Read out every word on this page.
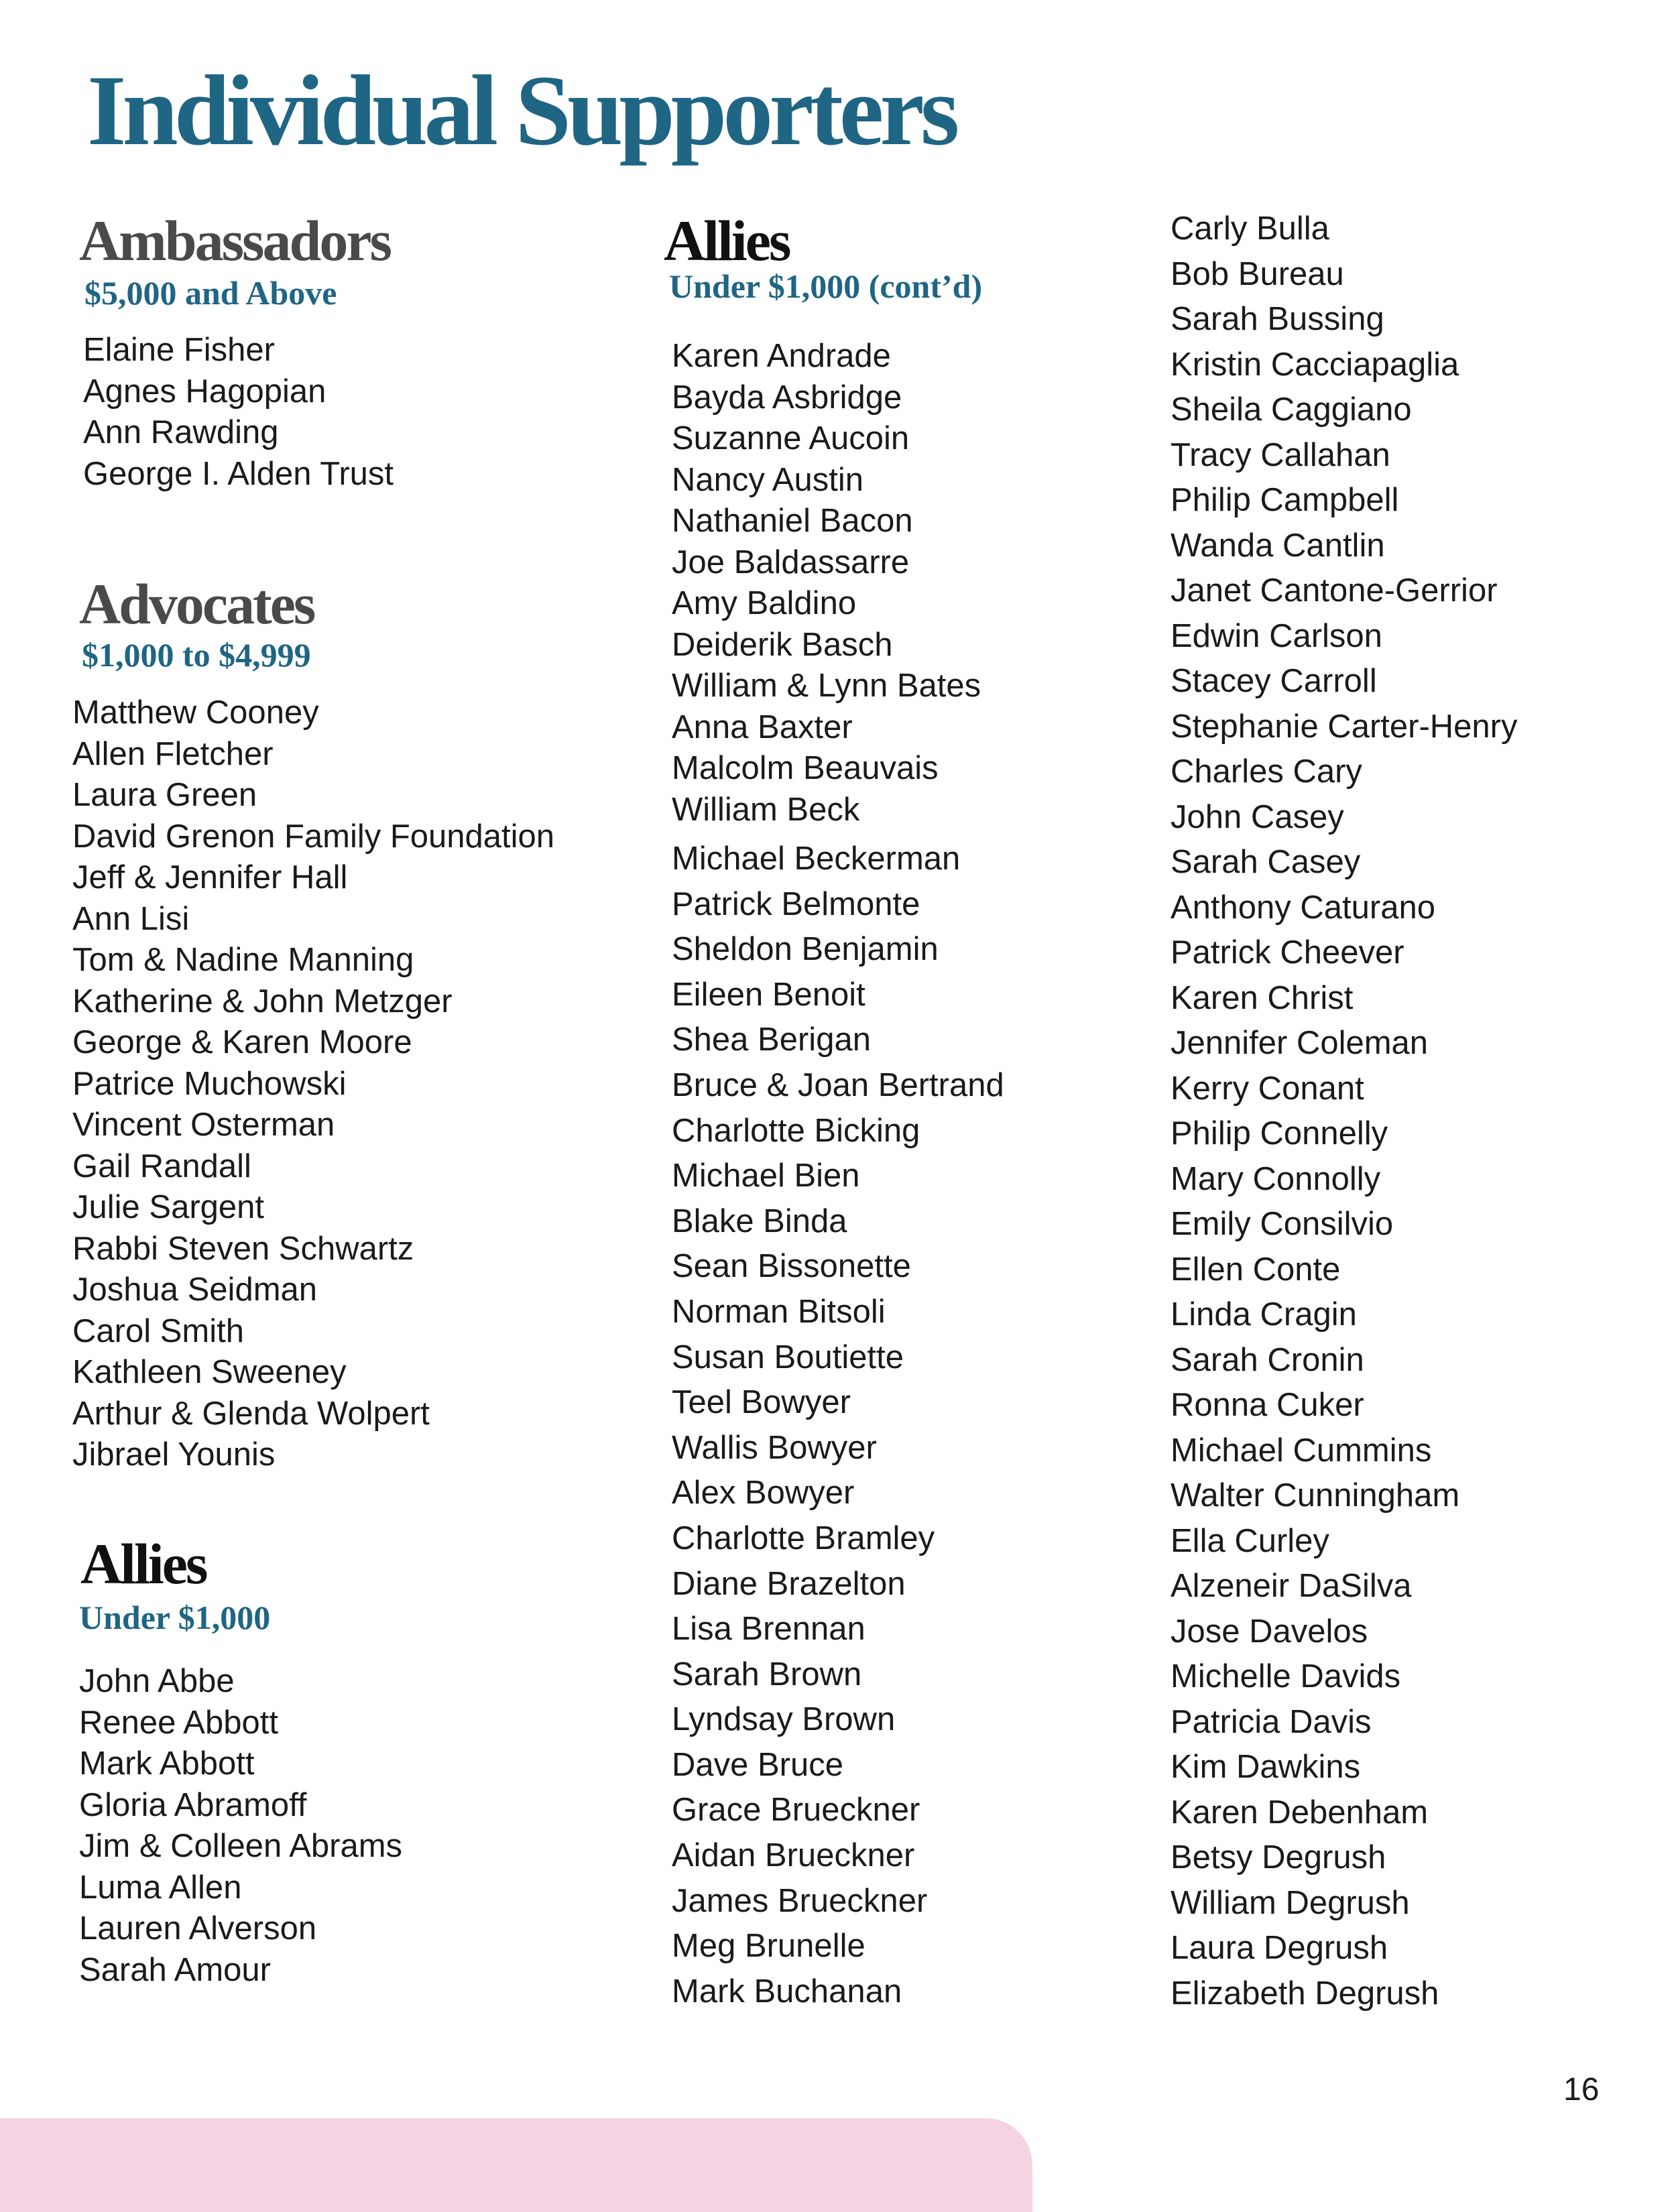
Individual Supporters
Ambassadors
$5,000 and Above
Elaine Fisher
Agnes Hagopian
Ann Rawding
George I. Alden Trust
Advocates
$1,000 to $4,999
Matthew Cooney
Allen Fletcher
Laura Green
David Grenon Family Foundation
Jeff & Jennifer Hall
Ann Lisi
Tom & Nadine Manning
Katherine & John Metzger
George & Karen Moore
Patrice Muchowski
Vincent Osterman
Gail Randall
Julie Sargent
Rabbi Steven Schwartz
Joshua Seidman
Carol Smith
Kathleen Sweeney
Arthur & Glenda Wolpert
Jibrael Younis
Allies
Under $1,000
John Abbe
Renee Abbott
Mark Abbott
Gloria Abramoff
Jim & Colleen Abrams
Luma Allen
Lauren Alverson
Sarah Amour
Allies
Under $1,000 (cont’d)
Karen Andrade
Bayda Asbridge
Suzanne Aucoin
Nancy Austin
Nathaniel Bacon
Joe Baldassarre
Amy Baldino
Deiderik Basch
William & Lynn Bates
Anna Baxter
Malcolm Beauvais
William Beck
Michael Beckerman
Patrick Belmonte
Sheldon Benjamin
Eileen Benoit
Shea Berigan
Bruce & Joan Bertrand
Charlotte Bicking
Michael Bien
Blake Binda
Sean Bissonette
Norman Bitsoli
Susan Boutiette
Teel Bowyer
Wallis Bowyer
Alex Bowyer
Charlotte Bramley
Diane Brazelton
Lisa Brennan
Sarah Brown
Lyndsay Brown
Dave Bruce
Grace Brueckner
Aidan Brueckner
James Brueckner
Meg Brunelle
Mark Buchanan
Carly Bulla
Bob Bureau
Sarah Bussing
Kristin Cacciapaglia
Sheila Caggiano
Tracy Callahan
Philip Campbell
Wanda Cantlin
Janet Cantone-Gerrior
Edwin Carlson
Stacey Carroll
Stephanie Carter-Henry
Charles Cary
John Casey
Sarah Casey
Anthony Caturano
Patrick Cheever
Karen Christ
Jennifer Coleman
Kerry Conant
Philip Connelly
Mary Connolly
Emily Consilvio
Ellen Conte
Linda Cragin
Sarah Cronin
Ronna Cuker
Michael Cummins
Walter Cunningham
Ella Curley
Alzeneir DaSilva
Jose Davelos
Michelle Davids
Patricia Davis
Kim Dawkins
Karen Debenham
Betsy Degrush
William Degrush
Laura Degrush
Elizabeth Degrush
16
